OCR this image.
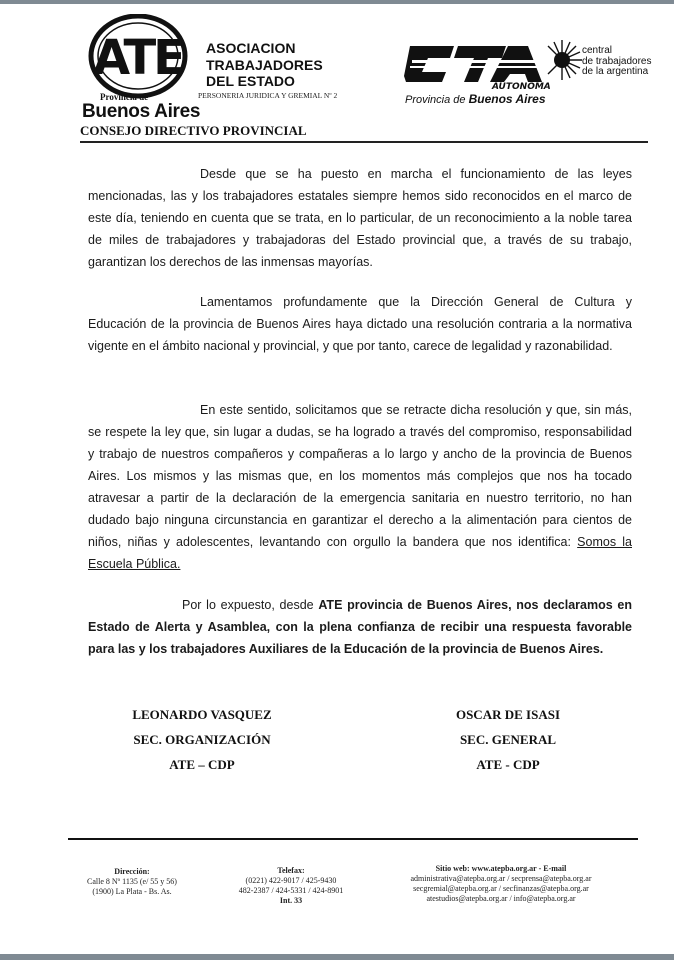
ATE
Provincia de
Buenos Aires
ASOCIACION
TRABAJADORES
DEL ESTADO
PERSONERIA JURIDICA Y GREMIAL Nº 2
AUTONOMA
central
de trabajadores
de la argentina
Provincia de Buenos Aires
CONSEJO DIRECTIVO PROVINCIAL
Desde que se ha puesto en marcha el funcionamiento de las leyes mencionadas, las y los trabajadores estatales siempre hemos sido reconocidos en el marco de este día, teniendo en cuenta que se trata, en lo particular, de un reconocimiento a la noble tarea de miles de trabajadores y trabajadoras del Estado provincial que, a través de su trabajo, garantizan los derechos de las inmensas mayorías.
Lamentamos profundamente que la Dirección General de Cultura y Educación de la provincia de Buenos Aires haya dictado una resolución contraria a la normativa vigente en el ámbito nacional y provincial, y que por tanto, carece de legalidad y razonabilidad.
En este sentido, solicitamos que se retracte dicha resolución y que, sin más, se respete la ley que, sin lugar a dudas, se ha logrado a través del compromiso, responsabilidad y trabajo de nuestros compañeros y compañeras a lo largo y ancho de la provincia de Buenos Aires. Los mismos y las mismas que, en los momentos más complejos que nos ha tocado atravesar a partir de la declaración de la emergencia sanitaria en nuestro territorio, no han dudado bajo ninguna circunstancia en garantizar el derecho a la alimentación para cientos de niños, niñas y adolescentes, levantando con orgullo la bandera que nos identifica: Somos la Escuela Pública.
Por lo expuesto, desde ATE provincia de Buenos Aires, nos declaramos en Estado de Alerta y Asamblea, con la plena confianza de recibir una respuesta favorable para las y los trabajadores Auxiliares de la Educación de la provincia de Buenos Aires.
LEONARDO VASQUEZ
SEC. ORGANIZACIÓN
ATE – CDP
OSCAR DE ISASI
SEC. GENERAL
ATE - CDP
Dirección:
Calle 8 Nº 1135 (e/ 55 y 56)
(1900) La Plata - Bs. As.
Telefax:
(0221) 422-9017 / 425-9430
482-2387 / 424-5331 / 424-8901
Int. 33
Sitio web: www.atepba.org.ar - E-mail
administrativa@atepba.org.ar / secprensa@atepba.org.ar
secgremial@atepba.org.ar / secfinanzas@atepba.org.ar
atestudios@atepba.org.ar / info@atepba.org.ar
